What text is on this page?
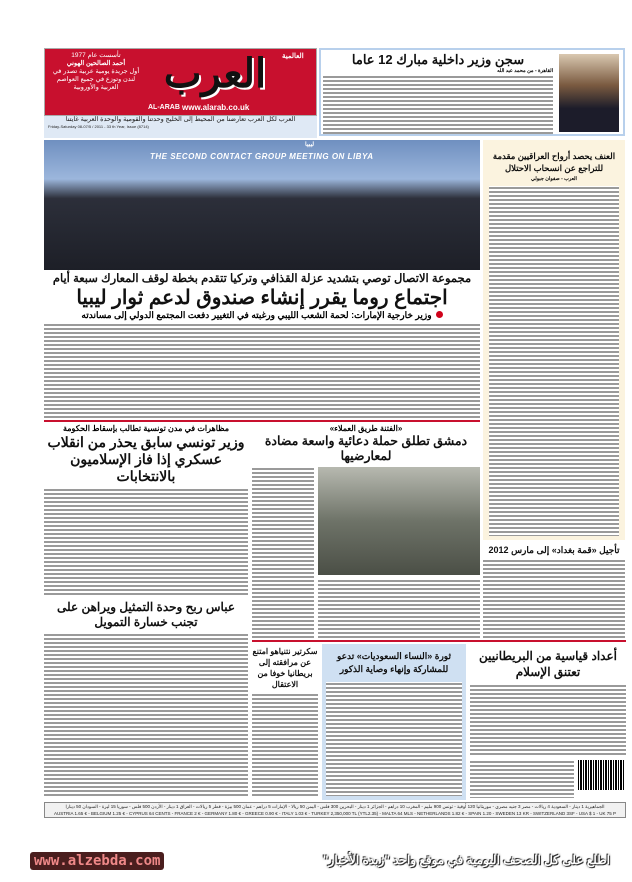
العرب	العالمية
AL-ARAB www.alarab.co.uk
تأسست عام 1977
أحمد الصالحين الهوني
أول جريدة يومية عربية تصدر في لندن وتوزع في جميع العواصم العربية والأوروبية
العرب لكل العرب تعارضنا من المحيط إلى الخليج وحدتنا والقومية والوحدة العربية غايتنا
Friday-Saturday 08-07/5 / 2011 - 33 th Year, Issue (8714)
سجن وزير داخلية مبارك 12 عاما
القاهرة - من محمد عبد الله
ليبيا
THE SECOND CONTACT GROUP MEETING ON LIBYA	العنف يحصد أرواح العراقيين مقدمة للتراجع عن انسحاب الاحتلال
العرب - صفوان جبولي
تأجيل «قمة بغداد» إلى مارس 2012
مجموعة الاتصال توصي بتشديد عزلة القذافي وتركيا تتقدم بخطة لوقف المعارك سبعة أيام
اجتماع روما يقرر إنشاء صندوق لدعم ثوار ليبيا
وزير خارجية الإمارات: لحمة الشعب الليبي ورغبته في التغيير دفعت المجتمع الدولي إلى مساندته
«الفتنة طريق العملاء»
دمشق تطلق حملة دعائية واسعة مضادة لمعارضيها
مظاهرات في مدن تونسية تطالب بإسقاط الحكومة
وزير تونسي سابق يحذر من انقلاب عسكري إذا فاز الإسلاميون بالانتخابات
عباس ربح وحدة التمثيل ويراهن على تجنب خسارة التمويل
سكرتير نتنياهو امتنع عن مرافقته إلى بريطانيا خوفا من الاعتقال
ثورة «النساء السعوديات» تدعو للمشاركة وإنهاء وصاية الذكور
أعداد قياسية من البريطانيين تعتنق الإسلام
الجماهيرية 1 دينار - السعودية 4 ريالات - مصر 3 جنيه مصري - موريتانيا 120 أوقية - تونس 900 مليم - المغرب 10 دراهم - الجزائر 1 دينار - البحرين 300 فلس - اليمن 50 ريالا - الإمارات 5 دراهم - عمان 500 بيزة - قطر 5 ريالات - العراق 1 دينار - الأردن 500 فلس - سوريا 15 ليرة - السودان 50 دينارا
AUSTRIA 1.65 € - BELGIUM 1.25 € - CYPRUS 64 CENTS - FRANCE 2 € - GERMANY 1.80 € - GREECE 0.90 € - ITALY 1.03 € - TURKEY 2,350,000 TL (YTL2.35) - MALTA 64 MLS - NETHERLANDS 1.82 € - SPAIN 1.20 - SWEDEN 13 KR - SWITZERLAND 3SF - USA $ 1 - UK 75 P
www.alzebda.com	اطلع على كل الصحف اليومية في موقع واحد "زبدة الأخبار"
